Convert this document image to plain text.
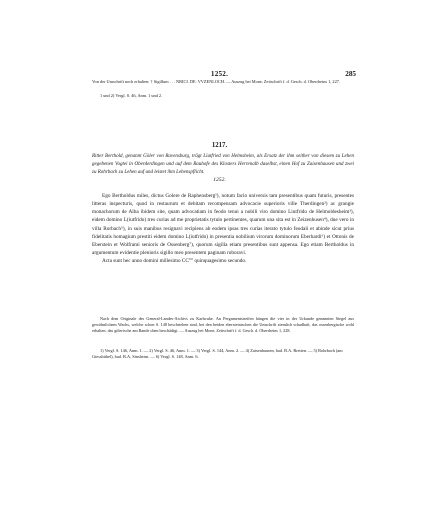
1252.	285
Von der Umschrift noch erhalten: † Sigillum . . . NRICI. DE. VVZENLOCH. — Auszug bei Mone, Zeitschrift f. d. Gesch. d. Oberrheins 1, 227.
1 und 2) Vergl. S. 46, Anm. 1 und 2.
1217.
Ritter Berthold, genannt Göler von Ravensburg, trägt Liutfried von Helmsheim, als Ersatz der ihm seither von diesem zu Lehen gegebenen Vogtei in Oberderdingen und auf dem Bauhofe des Klosters Herrenalb daselbst, einen Hof zu Zaisenhausen und zwei zu Rohrbach zu Lehen auf und leistet ihm Lehenspflicht.
1252.

Ego Bertholdus miles, dictus Golere de Raphensberg¹), notum facio universis tam presentibus quam futuris, presentes litteras inspecturis, quod in restaurum et debitam recompensam advocacie superioris ville Therdingen²) ac grangie monachorum de Alba ibidem site, quam advocatiam in feodo tenui a nobili viro domino Liutfrido de Helmoldesheim³), eidem domino L(iutfrido) tres curias ad me proprietatis tytulo pertinentes, quarum una sita est in Zeizenhusen⁴), due vero in villa Rorbach⁵), in suis manibus resignavi recipiens ab eodem ipsas tres curias iterato tytulo feodali et abinde sicut prius fidelitatis homagium prestiti eidem domino L(iutfrido) in presentia nobilium virorum dominorum Eberhardi⁶) et Ottonis de Eberstein et Wolframi senioris de Ossenberg⁷), quorum sigilla etiam presentibus sunt appensa. Ego etiam Bertholdus in argumentum evidentie plenioris sigillo meo presentem paginam roboravi.

Acta sunt hec anno domini millesimo CC°° quinquagesimo secundo.

Nach dem Originale des General-Landes-Archivs zu Karlsruhe. An Pergamentstreifen hängen die vier in der Urkunde genannten Siegel aus gewöhnlichem Wachs, welche schon S. 148 beschrieben sind, bei den beiden ebersteinischen die Umschrift ziemlich schadhaft, das ossenbergische wohl erhalten, das gölerische am Rande oben beschädigt. — Auszug bei Mone, Zeitschrift f. d. Gesch. d. Oberrheins 1, 228.

1) Vergl. S. 146, Anm. 1. — 2) Vergl. S. 46, Anm. 1. — 3) Vergl. S. 144, Anm. 2. — 4) Zaisenhausen, bad. B.A. Bretten. — 5) Rohrbach (am Giessbühel), bad. B.A. Sinsheim. — 6) Vergl. S. 148, Anm. 6.
